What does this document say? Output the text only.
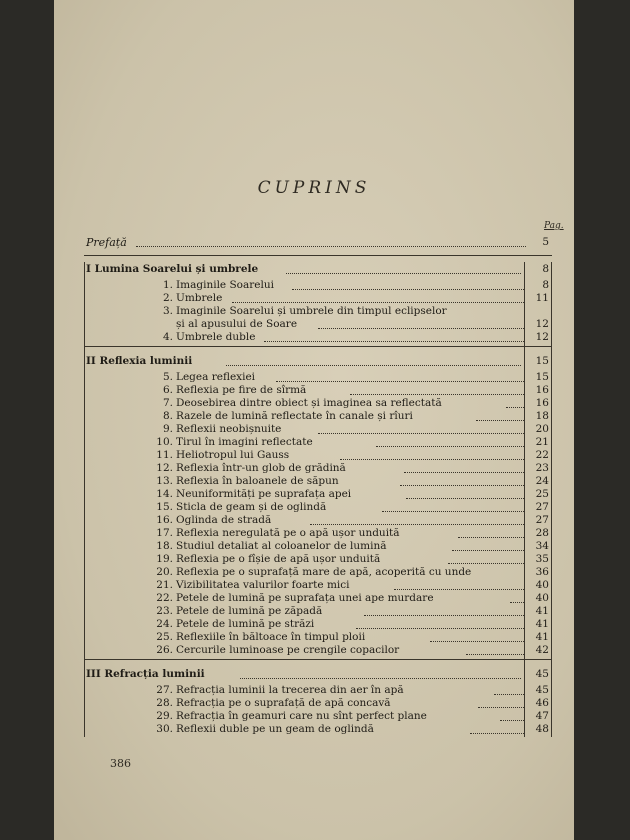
CUPRINS
Pag.
Prefață	5
I Lumina Soarelui și umbrele	8
1. Imaginile Soarelui	8
2. Umbrele	11
3. Imaginile Soarelui și umbrele din timpul eclipselor
și al apusului de Soare	12
4. Umbrele duble	12
II Reflexia luminii	15
5. Legea reflexiei	15
6. Reflexia pe fire de sîrmă	16
7. Deosebirea dintre obiect și imaginea sa reflectată	16
8. Razele de lumină reflectate în canale și rîuri	18
9. Reflexii neobișnuite	20
10. Tirul în imagini reflectate	21
11. Heliotropul lui Gauss	22
12. Reflexia într-un glob de grădină	23
13. Reflexia în baloanele de săpun	24
14. Neuniformități pe suprafața apei	25
15. Sticla de geam și de oglindă	27
16. Oglinda de stradă	27
17. Reflexia neregulată pe o apă ușor unduită	28
18. Studiul detaliat al coloanelor de lumină	34
19. Reflexia pe o fîșie de apă ușor unduită	35
20. Reflexia pe o suprafață mare de apă, acoperită cu unde	36
21. Vizibilitatea valurilor foarte mici	40
22. Petele de lumină pe suprafața unei ape murdare	40
23. Petele de lumină pe zăpadă	41
24. Petele de lumină pe străzi	41
25. Reflexiile în băltoace în timpul ploii	41
26. Cercurile luminoase pe crengile copacilor	42
III Refracția luminii	45
27. Refracția luminii la trecerea din aer în apă	45
28. Refracția pe o suprafață de apă concavă	46
29. Refracția în geamuri care nu sînt perfect plane	47
30. Reflexii duble pe un geam de oglindă	48
386
